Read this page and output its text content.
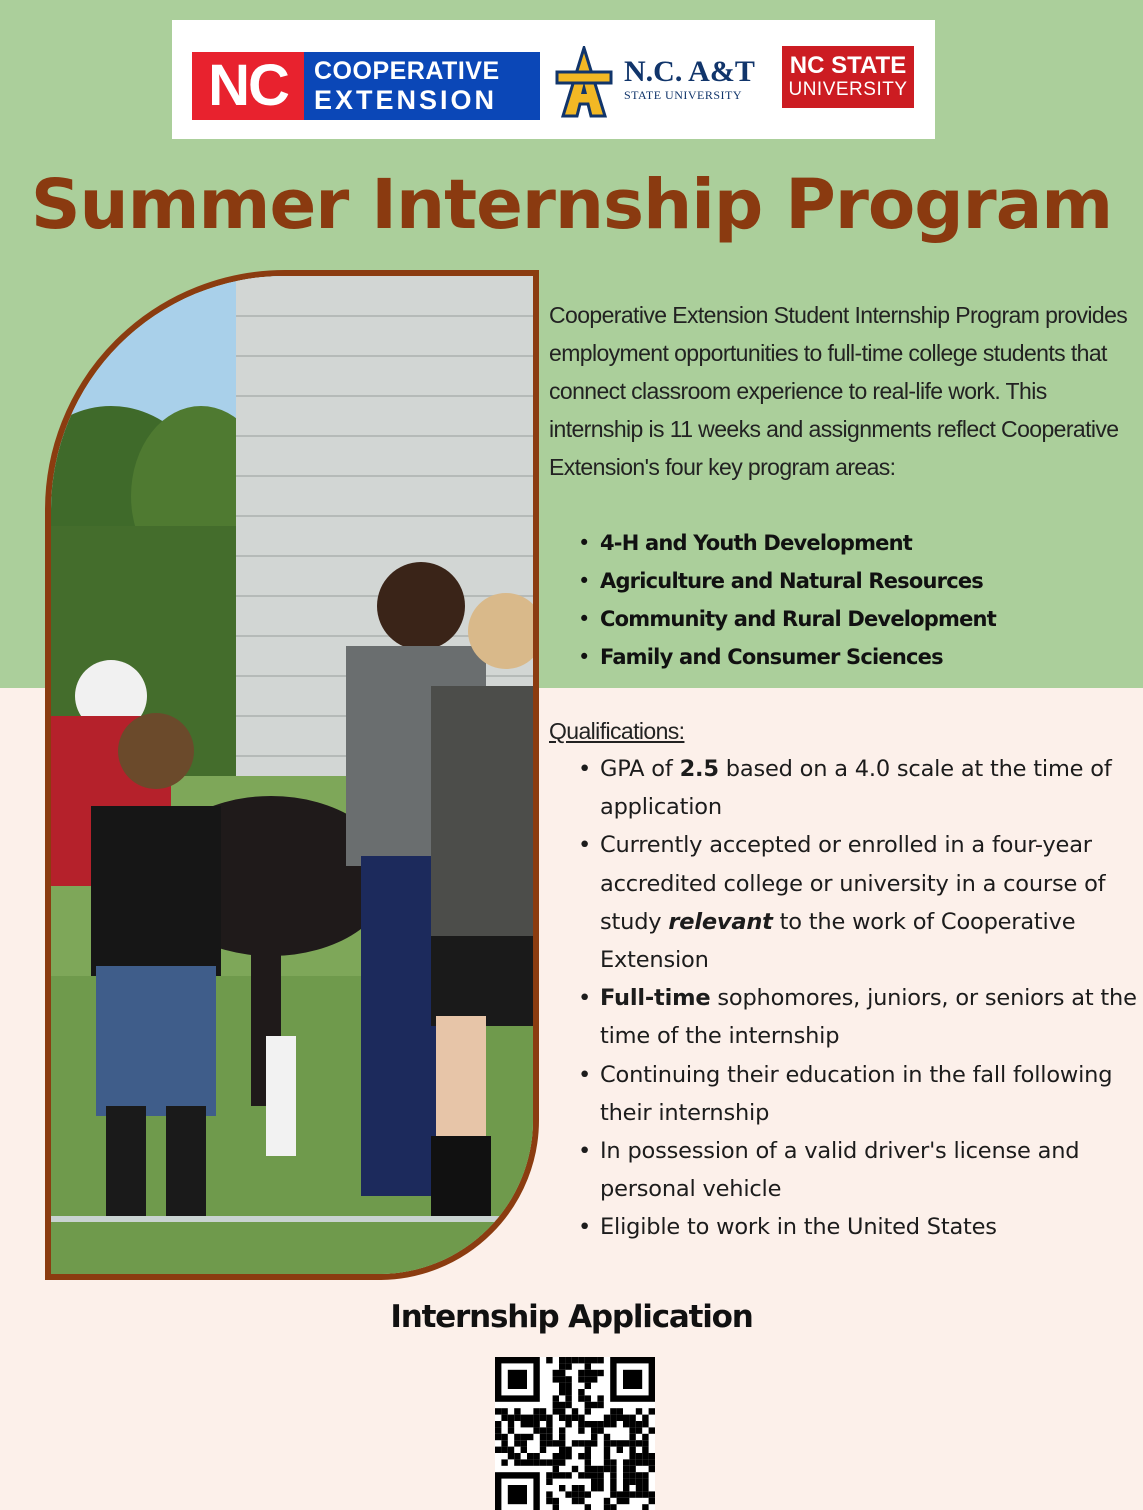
NC	COOPERATIVE
EXTENSION
N.C. A&T
STATE UNIVERSITY
NC STATE
UNIVERSITY
Summer Internship Program

Cooperative Extension Student Internship Program provides employment opportunities to full-time college students that connect classroom experience to real-life work. This internship is 11 weeks and assignments reflect Cooperative Extension's four key program areas:

• 4-H and Youth Development
• Agriculture and Natural Resources
• Community and Rural Development
• Family and Consumer Sciences
Qualifications:
• GPA of 2.5 based on a 4.0 scale at the time of application
• Currently accepted or enrolled in a four-year accredited college or university in a course of study relevant to the work of Cooperative Extension
• Full-time sophomores, juniors, or seniors at the time of the internship
• Continuing their education in the fall following their internship
• In possession of a valid driver's license and personal vehicle
• Eligible to work in the United States
Internship Application
